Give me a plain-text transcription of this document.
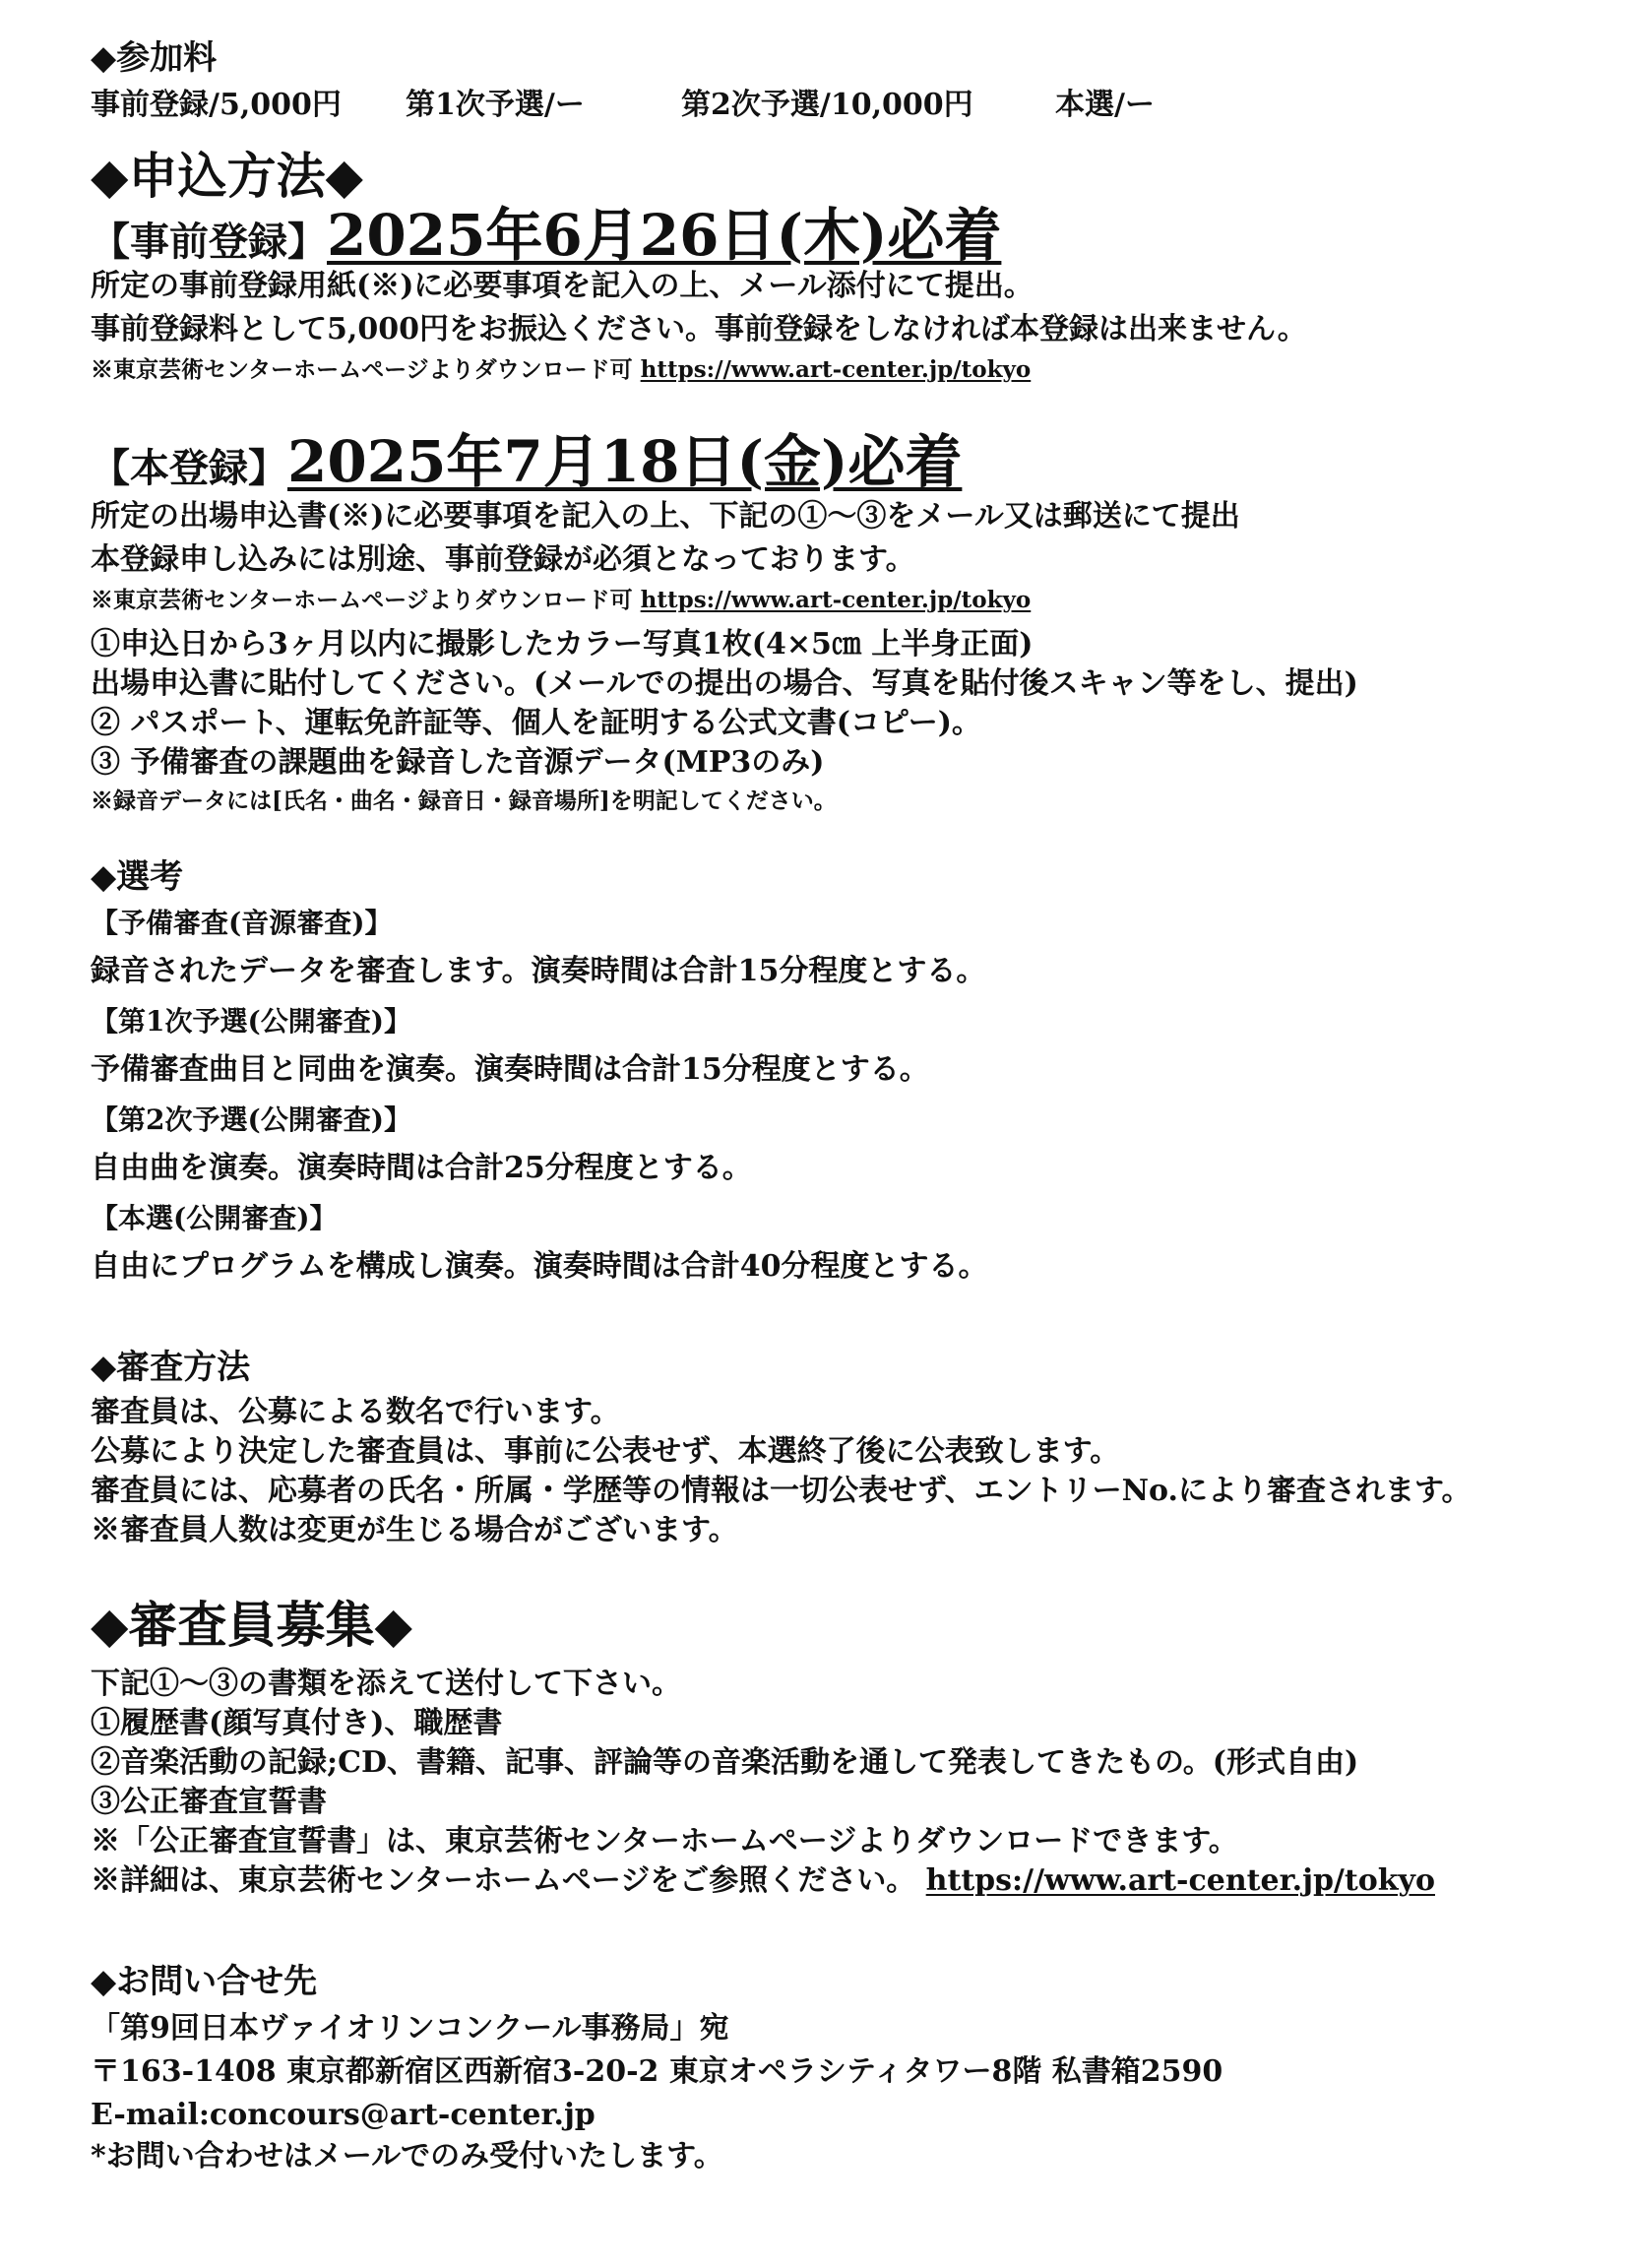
◆参加料
事前登録/5,000円 第1次予選/ー	第2次予選/10,000円	本選/ー
◆申込方法◆
【事前登録】2025年6月26日(木)必着
所定の事前登録用紙(※)に必要事項を記入の上、メール添付にて提出。
事前登録料として5,000円をお振込ください。事前登録をしなければ本登録は出来ません。
※東京芸術センターホームページよりダウンロード可 https://www.art-center.jp/tokyo
【本登録】2025年7月18日(金)必着
所定の出場申込書(※)に必要事項を記入の上、下記の①～③をメール又は郵送にて提出
本登録申し込みには別途、事前登録が必須となっております。
※東京芸術センターホームページよりダウンロード可 https://www.art-center.jp/tokyo
①申込日から3ヶ月以内に撮影したカラー写真1枚(4×5㎝ 上半身正面)
出場申込書に貼付してください。(メールでの提出の場合、写真を貼付後スキャン等をし、提出)
② パスポート、運転免許証等、個人を証明する公式文書(コピー)。
③ 予備審査の課題曲を録音した音源データ(MP3のみ)
※録音データには[氏名・曲名・録音日・録音場所]を明記してください。
◆選考
【予備審査(音源審査)】
録音されたデータを審査します。演奏時間は合計15分程度とする。
【第1次予選(公開審査)】
予備審査曲目と同曲を演奏。演奏時間は合計15分程度とする。
【第2次予選(公開審査)】
自由曲を演奏。演奏時間は合計25分程度とする。
【本選(公開審査)】
自由にプログラムを構成し演奏。演奏時間は合計40分程度とする。
◆審査方法
審査員は、公募による数名で行います。
公募により決定した審査員は、事前に公表せず、本選終了後に公表致します。
審査員には、応募者の氏名・所属・学歴等の情報は一切公表せず、エントリーNo.により審査されます。
※審査員人数は変更が生じる場合がございます。
◆審査員募集◆
下記①～③の書類を添えて送付して下さい。
①履歴書(顔写真付き)、職歴書
②音楽活動の記録;CD、書籍、記事、評論等の音楽活動を通して発表してきたもの。(形式自由)
③公正審査宣誓書
※「公正審査宣誓書」は、東京芸術センターホームページよりダウンロードできます。
※詳細は、東京芸術センターホームページをご参照ください。 https://www.art-center.jp/tokyo
◆お問い合せ先
「第9回日本ヴァイオリンコンクール事務局」宛
〒163-1408 東京都新宿区西新宿3-20-2 東京オペラシティタワー8階 私書箱2590
E-mail:concours@art-center.jp
*お問い合わせはメールでのみ受付いたします。
